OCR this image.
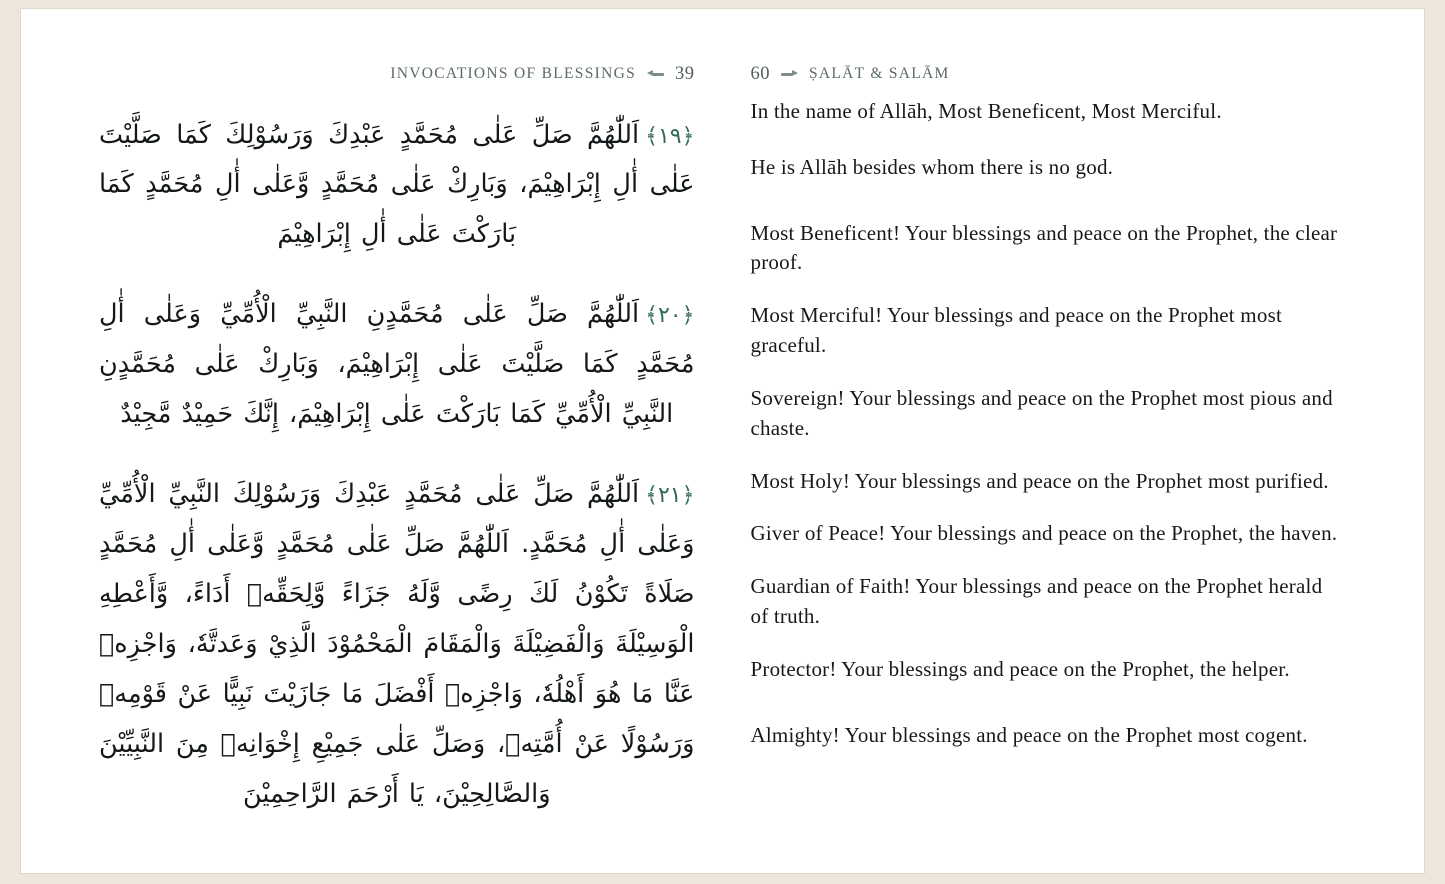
INVOCATIONS OF BLESSINGS 39

﴿١٩﴾اَللّٰهُمَّ صَلِّ عَلٰى مُحَمَّدٍ عَبْدِكَ وَرَسُوْلِكَ كَمَا صَلَّيْتَ عَلٰى أٰلِ إِبْرَاهِيْمَ، وَبَارِكْ عَلٰى مُحَمَّدٍ وَّعَلٰى أٰلِ مُحَمَّدٍ كَمَا بَارَكْتَ عَلٰى أٰلِ إِبْرَاهِيْمَ

﴿٢٠﴾اَللّٰهُمَّ صَلِّ عَلٰى مُحَمَّدٍنِ النَّبِيِّ الْأُمِّيِّ وَعَلٰى أٰلِ مُحَمَّدٍ كَمَا صَلَّيْتَ عَلٰى إِبْرَاهِيْمَ، وَبَارِكْ عَلٰى مُحَمَّدٍنِ النَّبِيِّ الْأُمِّيِّ كَمَا بَارَكْتَ عَلٰى إِبْرَاهِيْمَ، إِنَّكَ حَمِيْدٌ مَّجِيْدٌ

﴿٢١﴾اَللّٰهُمَّ صَلِّ عَلٰى مُحَمَّدٍ عَبْدِكَ وَرَسُوْلِكَ النَّبِيِّ الْأُمِّيِّ وَعَلٰى أٰلِ مُحَمَّدٍ. اَللّٰهُمَّ صَلِّ عَلٰى مُحَمَّدٍ وَّعَلٰى أٰلِ مُحَمَّدٍ صَلَاةً تَكُوْنُ لَكَ رِضًى وَّلَهُ جَزَاءً وَّلِحَقِّهٖ أَدَاءً، وَّأَعْطِهِ الْوَسِيْلَةَ وَالْفَضِيْلَةَ وَالْمَقَامَ الْمَحْمُوْدَ الَّذِيْ وَعَدتَّهٗ، وَاجْزِهٖ عَنَّا مَا هُوَ أَهْلُهٗ، وَاجْزِهٖ أَفْضَلَ مَا جَازَيْتَ نَبِيًّا عَنْ قَوْمِهٖ وَرَسُوْلًا عَنْ أُمَّتِهٖ، وَصَلِّ عَلٰى جَمِيْعِ إِخْوَانِهٖ مِنَ النَّبِيِّيْنَ وَالصَّالِحِيْنَ، يَا أَرْحَمَ الرَّاحِمِيْنَ

60	ṢALĀT & SALĀM

In the name of Allāh, Most Beneficent, Most Merciful.

He is Allāh besides whom there is no god.

Most Beneficent! Your blessings and peace on the Prophet, the clear proof.

Most Merciful! Your blessings and peace on the Prophet most graceful.

Sovereign! Your blessings and peace on the Prophet most pious and chaste.

Most Holy! Your blessings and peace on the Prophet most purified.

Giver of Peace! Your blessings and peace on the Prophet, the haven.

Guardian of Faith! Your blessings and peace on the Prophet herald of truth.

Protector! Your blessings and peace on the Prophet, the helper.

Almighty! Your blessings and peace on the Prophet most cogent.
